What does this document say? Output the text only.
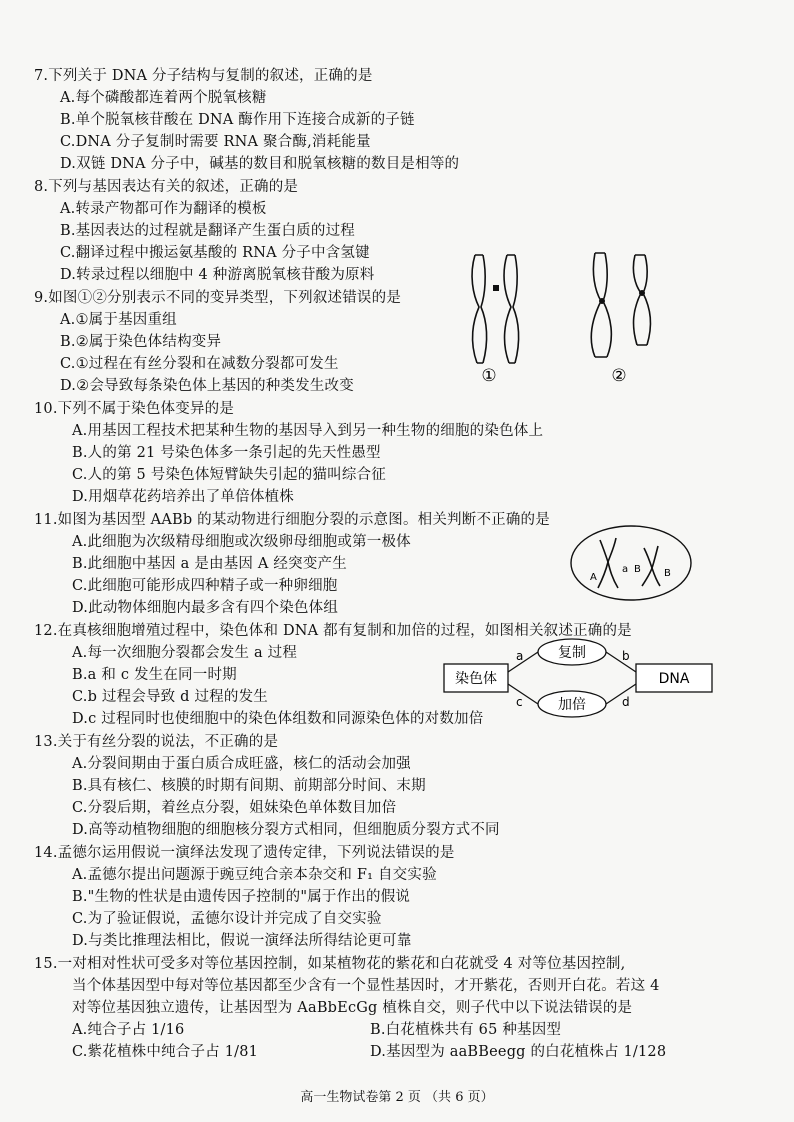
7.下列关于 DNA 分子结构与复制的叙述，正确的是
A.每个磷酸都连着两个脱氧核糖
B.单个脱氧核苷酸在 DNA 酶作用下连接合成新的子链
C.DNA 分子复制时需要 RNA 聚合酶,消耗能量
D.双链 DNA 分子中，碱基的数目和脱氧核糖的数目是相等的
8.下列与基因表达有关的叙述，正确的是
A.转录产物都可作为翻译的模板
B.基因表达的过程就是翻译产生蛋白质的过程
C.翻译过程中搬运氨基酸的 RNA 分子中含氢键
D.转录过程以细胞中 4 种游离脱氧核苷酸为原料
9.如图①②分别表示不同的变异类型，下列叙述错误的是
A.①属于基因重组
B.②属于染色体结构变异
C.①过程在有丝分裂和在减数分裂都可发生
D.②会导致每条染色体上基因的种类发生改变	①	②
10.下列不属于染色体变异的是
A.用基因工程技术把某种生物的基因导入到另一种生物的细胞的染色体上
B.人的第 21 号染色体多一条引起的先天性愚型
C.人的第 5 号染色体短臂缺失引起的猫叫综合征
D.用烟草花药培养出了单倍体植株
11.如图为基因型 AABb 的某动物进行细胞分裂的示意图。相关判断不正确的是
A.此细胞为次级精母细胞或次级卵母细胞或第一极体
B.此细胞中基因 a 是由基因 A 经突变产生
C.此细胞可能形成四种精子或一种卵细胞
D.此动物体细胞内最多含有四个染色体组
A
a B B
12.在真核细胞增殖过程中，染色体和 DNA 都有复制和加倍的过程，如图相关叙述正确的是
A.每一次细胞分裂都会发生 a 过程
B.a 和 c 发生在同一时期
C.b 过程会导致 d 过程的发生
D.c 过程同时也使细胞中的染色体组数和同源染色体的对数加倍
染色体	DNA
复制
加倍
a	b
c	d
13.关于有丝分裂的说法，不正确的是
A.分裂间期由于蛋白质合成旺盛，核仁的活动会加强
B.具有核仁、核膜的时期有间期、前期部分时间、末期
C.分裂后期，着丝点分裂，姐妹染色单体数目加倍
D.高等动植物细胞的细胞核分裂方式相同，但细胞质分裂方式不同
14.孟德尔运用假说一演绎法发现了遗传定律，下列说法错误的是
A.孟德尔提出问题源于豌豆纯合亲本杂交和 F₁ 自交实验
B."生物的性状是由遗传因子控制的"属于作出的假说
C.为了验证假说，孟德尔设计并完成了自交实验
D.与类比推理法相比，假说一演绎法所得结论更可靠
15.一对相对性状可受多对等位基因控制，如某植物花的紫花和白花就受 4 对等位基因控制,
当个体基因型中每对等位基因都至少含有一个显性基因时，才开紫花，否则开白花。若这 4
对等位基因独立遗传，让基因型为 AaBbEcGg 植株自交，则子代中以下说法错误的是
A.纯合子占 1/16	B.白花植株共有 65 种基因型
C.紫花植株中纯合子占 1/81	D.基因型为 aaBBeegg 的白花植株占 1/128
高一生物试卷第 2 页 （共 6 页）
